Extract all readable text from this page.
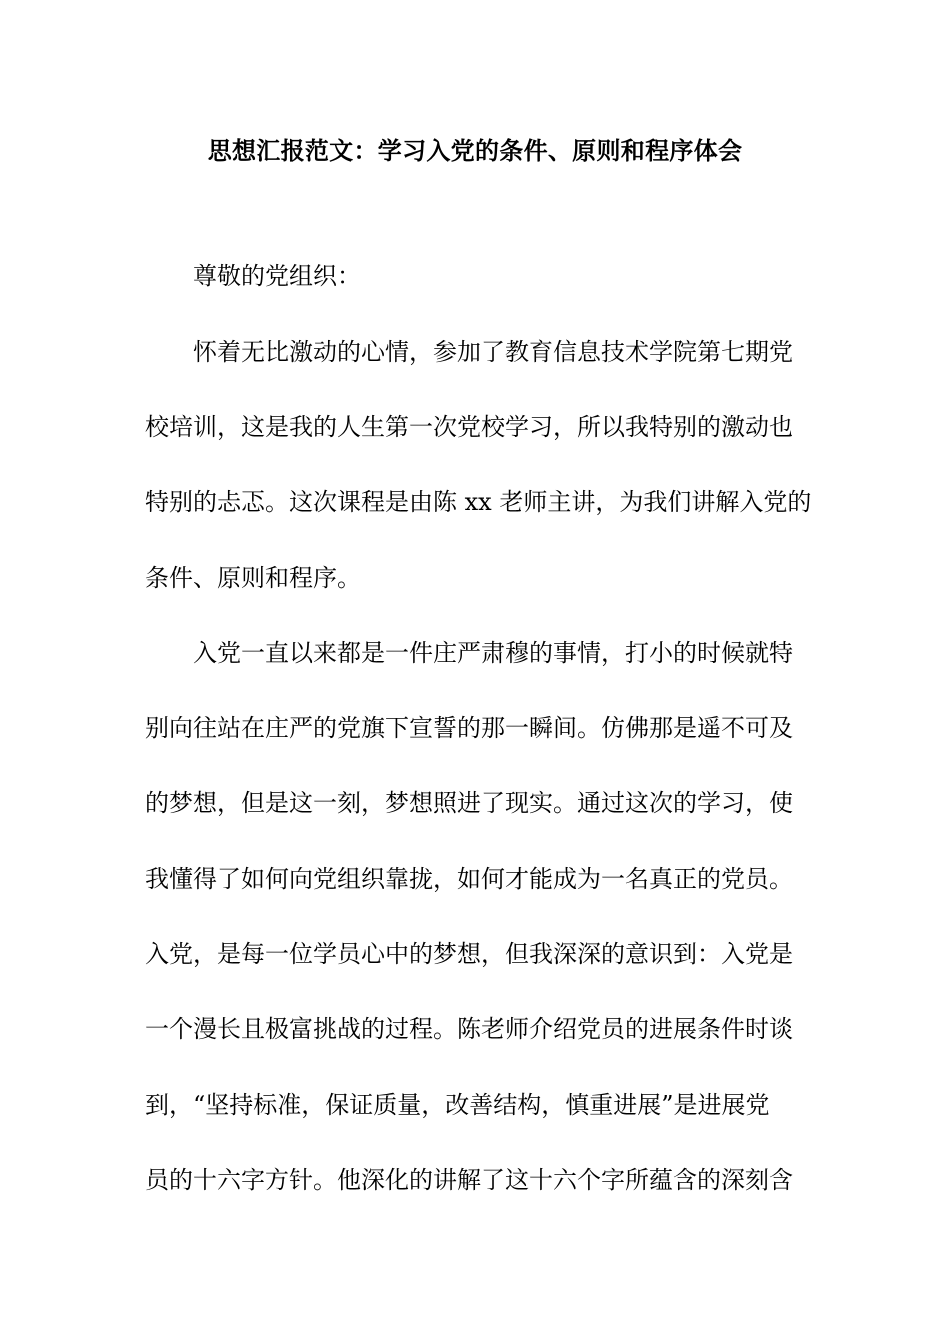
思想汇报范文：学习入党的条件、原则和程序体会
尊敬的党组织：
怀着无比激动的心情，参加了教育信息技术学院第七期党
校培训，这是我的人生第一次党校学习，所以我特别的激动也
特别的忐忑。这次课程是由陈 xx 老师主讲，为我们讲解入党的
条件、原则和程序。
入党一直以来都是一件庄严肃穆的事情，打小的时候就特
别向往站在庄严的党旗下宣誓的那一瞬间。仿佛那是遥不可及
的梦想，但是这一刻，梦想照进了现实。通过这次的学习，使
我懂得了如何向党组织靠拢，如何才能成为一名真正的党员。
入党，是每一位学员心中的梦想，但我深深的意识到：入党是
一个漫长且极富挑战的过程。陈老师介绍党员的进展条件时谈
到，“坚持标准，保证质量，改善结构，慎重进展”是进展党
员的十六字方针。他深化的讲解了这十六个字所蕴含的深刻含
